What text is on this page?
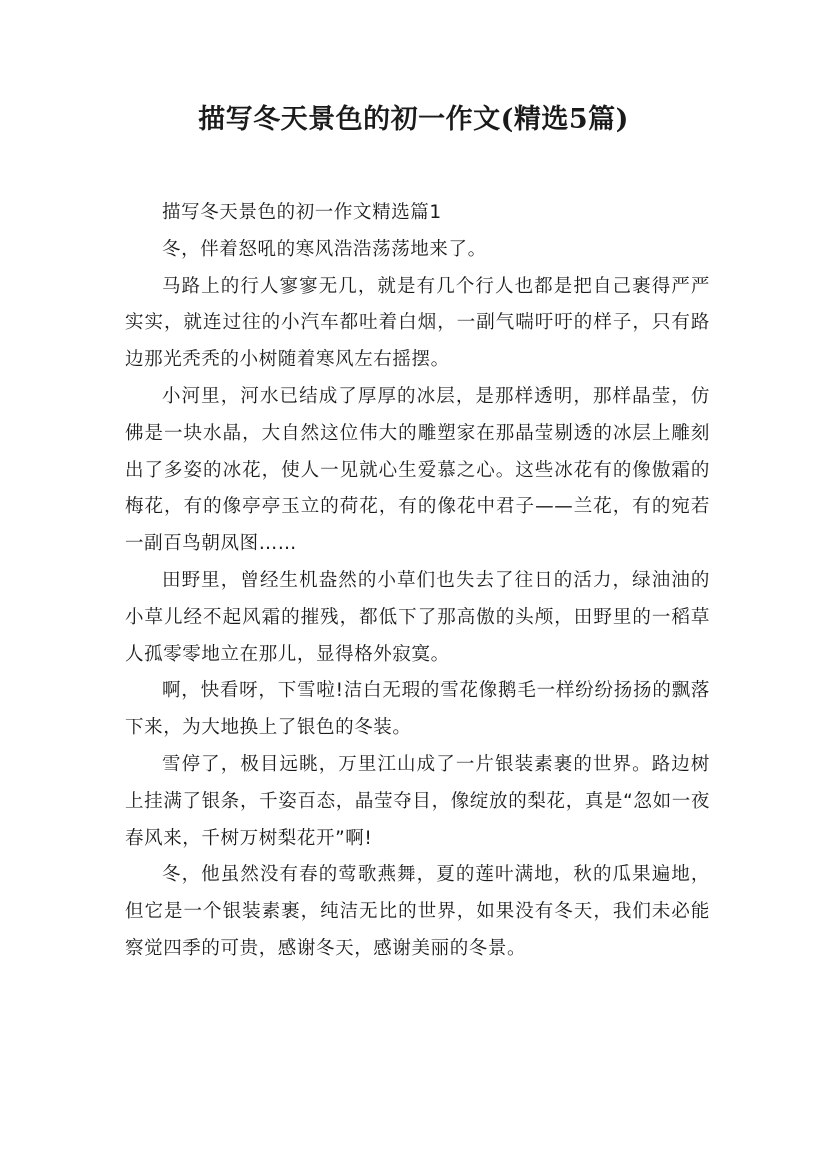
描写冬天景色的初一作文(精选5篇)

描写冬天景色的初一作文精选篇1

冬，伴着怒吼的寒风浩浩荡荡地来了。

马路上的行人寥寥无几，就是有几个行人也都是把自己裹得严严实实，就连过往的小汽车都吐着白烟，一副气喘吁吁的样子，只有路边那光秃秃的小树随着寒风左右摇摆。

小河里，河水已结成了厚厚的冰层，是那样透明，那样晶莹，仿佛是一块水晶，大自然这位伟大的雕塑家在那晶莹剔透的冰层上雕刻出了多姿的冰花，使人一见就心生爱慕之心。这些冰花有的像傲霜的梅花，有的像亭亭玉立的荷花，有的像花中君子——兰花，有的宛若一副百鸟朝凤图……

田野里，曾经生机盎然的小草们也失去了往日的活力，绿油油的小草儿经不起风霜的摧残，都低下了那高傲的头颅，田野里的一稻草人孤零零地立在那儿，显得格外寂寞。

啊，快看呀，下雪啦!洁白无瑕的雪花像鹅毛一样纷纷扬扬的飘落下来，为大地换上了银色的冬装。

雪停了，极目远眺，万里江山成了一片银装素裹的世界。路边树上挂满了银条，千姿百态，晶莹夺目，像绽放的梨花，真是“忽如一夜春风来，千树万树梨花开”啊!

冬，他虽然没有春的莺歌燕舞，夏的莲叶满地，秋的瓜果遍地，但它是一个银装素裹，纯洁无比的世界，如果没有冬天，我们未必能察觉四季的可贵，感谢冬天，感谢美丽的冬景。
